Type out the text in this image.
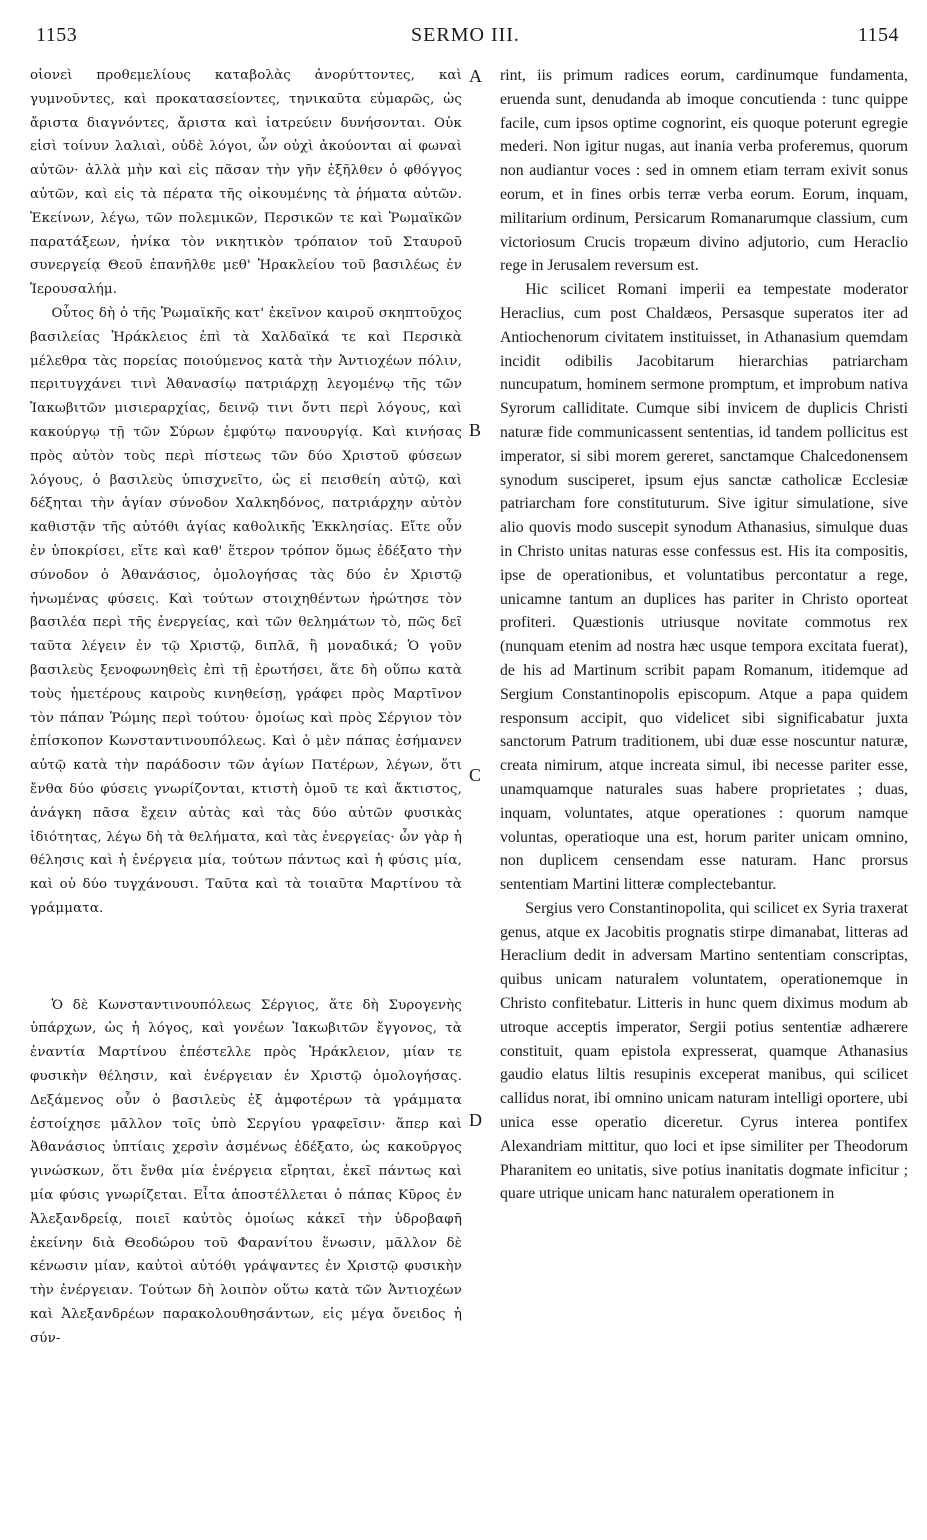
1153	SERMO III.	1154

οἱονεὶ προθεμελίους καταβολὰς ἀνορύττοντες, καὶ γυμνοῦντες, καὶ προκατασείοντες, τηνικαῦτα εὐμαρῶς, ὡς ἄριστα διαγνόντες, ἄριστα καὶ ἰατρεύειν δυνήσονται. Οὐκ εἰσὶ τοίνυν λαλιαὶ, οὐδὲ λόγοι, ὧν οὐχὶ ἀκούονται αἱ φωναὶ αὐτῶν· ἀλλὰ μὴν καὶ εἰς πᾶσαν τὴν γῆν ἐξῆλθεν ὁ φθόγγος αὐτῶν, καὶ εἰς τὰ πέρατα τῆς οἰκουμένης τὰ ῥήματα αὐτῶν. Ἐκείνων, λέγω, τῶν πολεμικῶν, Περσικῶν τε καὶ Ῥωμαϊκῶν παρατάξεων, ἡνίκα τὸν νικητικὸν τρόπαιον τοῦ Σταυροῦ συνεργείᾳ Θεοῦ ἐπανῆλθε μεθ' Ἡρακλείου τοῦ βασιλέως ἐν Ἱερουσαλήμ.

Οὗτος δὴ ὁ τῆς Ῥωμαϊκῆς κατ' ἐκεῖνον καιροῦ σκηπτοῦχος βασιλείας Ἡράκλειος ἐπὶ τὰ Χαλδαϊκά τε καὶ Περσικὰ μέλεθρα τὰς πορείας ποιούμενος κατὰ τὴν Ἀντιοχέων πόλιν, περιτυγχάνει τινὶ Ἀθανασίῳ πατριάρχῃ λεγομένῳ τῆς τῶν Ἰακωβιτῶν μισιεραρχίας, δεινῷ τινι ὄντι περὶ λόγους, καὶ κακούργῳ τῇ τῶν Σύρων ἐμφύτῳ πανουργίᾳ. Καὶ κινήσας πρὸς αὐτὸν τοὺς περὶ πίστεως τῶν δύο Χριστοῦ φύσεων λόγους, ὁ βασιλεὺς ὑπισχνεῖτο, ὡς εἰ πεισθείη αὐτῷ, καὶ δέξηται τὴν ἁγίαν σύνοδον Χαλκηδόνος, πατριάρχην αὐτὸν καθιστᾷν τῆς αὐτόθι ἁγίας καθολικῆς Ἐκκλησίας. Εἴτε οὖν ἐν ὑποκρίσει, εἴτε καὶ καθ' ἕτερον τρόπον ὅμως ἐδέξατο τὴν σύνοδον ὁ Ἀθανάσιος, ὁμολογήσας τὰς δύο ἐν Χριστῷ ἡνωμένας φύσεις. Καὶ τούτων στοιχηθέντων ἠρώτησε τὸν βασιλέα περὶ τῆς ἐνεργείας, καὶ τῶν θελημάτων τὸ, πῶς δεῖ ταῦτα λέγειν ἐν τῷ Χριστῷ, διπλᾶ, ἢ μοναδικά; Ὁ γοῦν βασιλεὺς ξενοφωνηθεὶς ἐπὶ τῇ ἐρωτήσει, ἅτε δὴ οὕπω κατὰ τοὺς ἡμετέρους καιροὺς κινηθείσῃ, γράφει πρὸς Μαρτῖνον τὸν πάπαν Ῥώμης περὶ τούτου· ὁμοίως καὶ πρὸς Σέργιον τὸν ἐπίσκοπον Κωνσταντινουπόλεως. Καὶ ὁ μὲν πάπας ἐσήμανεν αὐτῷ κατὰ τὴν παράδοσιν τῶν ἁγίων Πατέρων, λέγων, ὅτι ἔνθα δύο φύσεις γνωρίζονται, κτιστὴ ὁμοῦ τε καὶ ἄκτιστος, ἀνάγκη πᾶσα ἔχειν αὐτὰς καὶ τὰς δύο αὐτῶν φυσικὰς ἰδιότητας, λέγω δὴ τὰ θελήματα, καὶ τὰς ἐνεργείας· ὧν γὰρ ἡ θέλησις καὶ ἡ ἐνέργεια μία, τούτων πάντως καὶ ἡ φύσις μία, καὶ οὐ δύο τυγχάνουσι. Ταῦτα καὶ τὰ τοιαῦτα Μαρτίνου τὰ γράμματα.

Ὁ δὲ Κωνσταντινουπόλεως Σέργιος, ἅτε δὴ Συρογενὴς ὑπάρχων, ὡς ἡ λόγος, καὶ γονέων Ἰακωβιτῶν ἔγγονος, τὰ ἐναντία Μαρτίνου ἐπέστελλε πρὸς Ἡράκλειον, μίαν τε φυσικὴν θέλησιν, καὶ ἐνέργειαν ἐν Χριστῷ ὁμολογήσας. Δεξάμενος οὖν ὁ βασιλεὺς ἐξ ἀμφοτέρων τὰ γράμματα ἐστοίχησε μᾶλλον τοῖς ὑπὸ Σεργίου γραφεῖσιν· ἅπερ καὶ Ἀθανάσιος ὑπτίαις χερσὶν ἀσμένως ἐδέξατο, ὡς κακοῦργος γινώσκων, ὅτι ἔνθα μία ἐνέργεια εἴρηται, ἐκεῖ πάντως καὶ μία φύσις γνωρίζεται. Εἶτα ἀποστέλλεται ὁ πάπας Κῦρος ἐν Ἀλεξανδρείᾳ, ποιεῖ καὐτὸς ὁμοίως κἀκεῖ τὴν ὑδροβαφῆ ἐκείνην διὰ Θεοδώρου τοῦ Φαρανίτου ἕνωσιν, μᾶλλον δὲ κένωσιν μίαν, καὐτοὶ αὐτόθι γράψαντες ἐν Χριστῷ φυσικὴν τὴν ἐνέργειαν. Τούτων δὴ λοιπὸν οὕτω κατὰ τῶν Ἀντιοχέων καὶ Ἀλεξανδρέων παρακολουθησάντων, εἰς μέγα ὄνειδος ἡ σύν-

rint, iis primum radices eorum, cardinumque fundamenta, eruenda sunt, denudanda ab imoque concutienda : tunc quippe facile, cum ipsos optime cognorint, eis quoque poterunt egregie mederi. Non igitur nugas, aut inania verba proferemus, quorum non audiantur voces : sed in omnem etiam terram exivit sonus eorum, et in fines orbis terræ verba eorum. Eorum, inquam, militarium ordinum, Persicarum Romanarumque classium, cum victoriosum Crucis tropæum divino adjutorio, cum Heraclio rege in Jerusalem reversum est.

Hic scilicet Romani imperii ea tempestate moderator Heraclius, cum post Chaldæos, Persasque superatos iter ad Antiochenorum civitatem instituisset, in Athanasium quemdam incidit odibilis Jacobitarum hierarchias patriarcham nuncupatum, hominem sermone promptum, et improbum nativa Syrorum calliditate. Cumque sibi invicem de duplicis Christi naturæ fide communicassent sententias, id tandem pollicitus est imperator, si sibi morem gereret, sanctamque Chalcedonensem synodum susciperet, ipsum ejus sanctæ catholicæ Ecclesiæ patriarcham fore constituturum. Sive igitur simulatione, sive alio quovis modo suscepit synodum Athanasius, simulque duas in Christo unitas naturas esse confessus est. His ita compositis, ipse de operationibus, et voluntatibus percontatur a rege, unicamne tantum an duplices has pariter in Christo oporteat profiteri. Quæstionis utriusque novitate commotus rex (nunquam etenim ad nostra hæc usque tempora excitata fuerat), de his ad Martinum scribit papam Romanum, itidemque ad Sergium Constantinopolis episcopum. Atque a papa quidem responsum accipit, quo videlicet sibi significabatur juxta sanctorum Patrum traditionem, ubi duæ esse noscuntur naturæ, creata nimirum, atque increata simul, ibi necesse pariter esse, unamquamque naturales suas habere proprietates ; duas, inquam, voluntates, atque operationes : quorum namque voluntas, operatioque una est, horum pariter unicam omnino, non duplicem censendam esse naturam. Hanc prorsus sententiam Martini litteræ complectebantur.

Sergius vero Constantinopolita, qui scilicet ex Syria traxerat genus, atque ex Jacobitis prognatis stirpe dimanabat, litteras ad Heraclium dedit in adversam Martino sententiam conscriptas, quibus unicam naturalem voluntatem, operationemque in Christo confitebatur. Litteris in hunc quem diximus modum ab utroque acceptis imperator, Sergii potius sententiæ adhærere constituit, quam epistola expresserat, quamque Athanasius gaudio elatus liltis resupinis exceperat manibus, qui scilicet callidus norat, ibi omnino unicam naturam intelligi oportere, ubi unica esse operatio diceretur. Cyrus interea pontifex Alexandriam mittitur, quo loci et ipse similiter per Theodorum Pharanitem eo unitatis, sive potius inanitatis dogmate inficitur ; quare utrique unicam hanc naturalem operationem in

A
B
C
D
